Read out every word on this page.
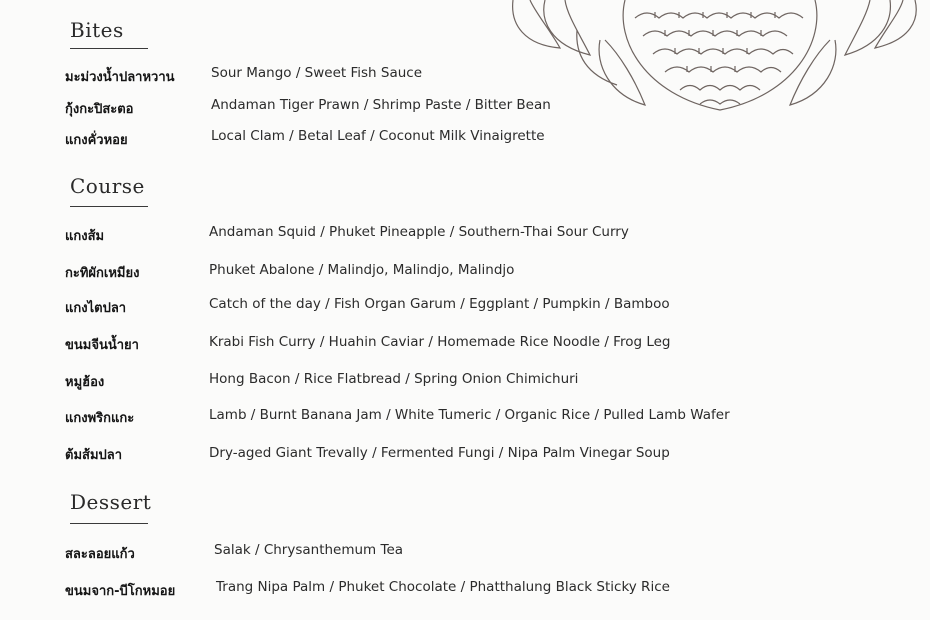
Bites
มะม่วงน้ำปลาหวาน	Sour Mango / Sweet Fish Sauce
กุ้งกะปิสะตอ	Andaman Tiger Prawn / Shrimp Paste / Bitter Bean
แกงคั่วหอย	Local Clam / Betal Leaf / Coconut Milk Vinaigrette
Course
แกงส้ม	Andaman Squid / Phuket Pineapple / Southern-Thai Sour Curry
กะทิผักเหมียง	Phuket Abalone / Malindjo, Malindjo, Malindjo
แกงไตปลา	Catch of the day / Fish Organ Garum / Eggplant / Pumpkin / Bamboo
ขนมจีนน้ำยา	Krabi Fish Curry / Huahin Caviar / Homemade Rice Noodle / Frog Leg
หมูฮ้อง	Hong Bacon / Rice Flatbread / Spring Onion Chimichuri
แกงพริกแกะ	Lamb / Burnt Banana Jam / White Tumeric / Organic Rice / Pulled Lamb Wafer
ต้มส้มปลา	Dry-aged Giant Trevally / Fermented Fungi / Nipa Palm Vinegar Soup
Dessert
สละลอยแก้ว	Salak / Chrysanthemum Tea
ขนมจาก-บีโกหมอย	Trang Nipa Palm / Phuket Chocolate / Phatthalung Black Sticky Rice
